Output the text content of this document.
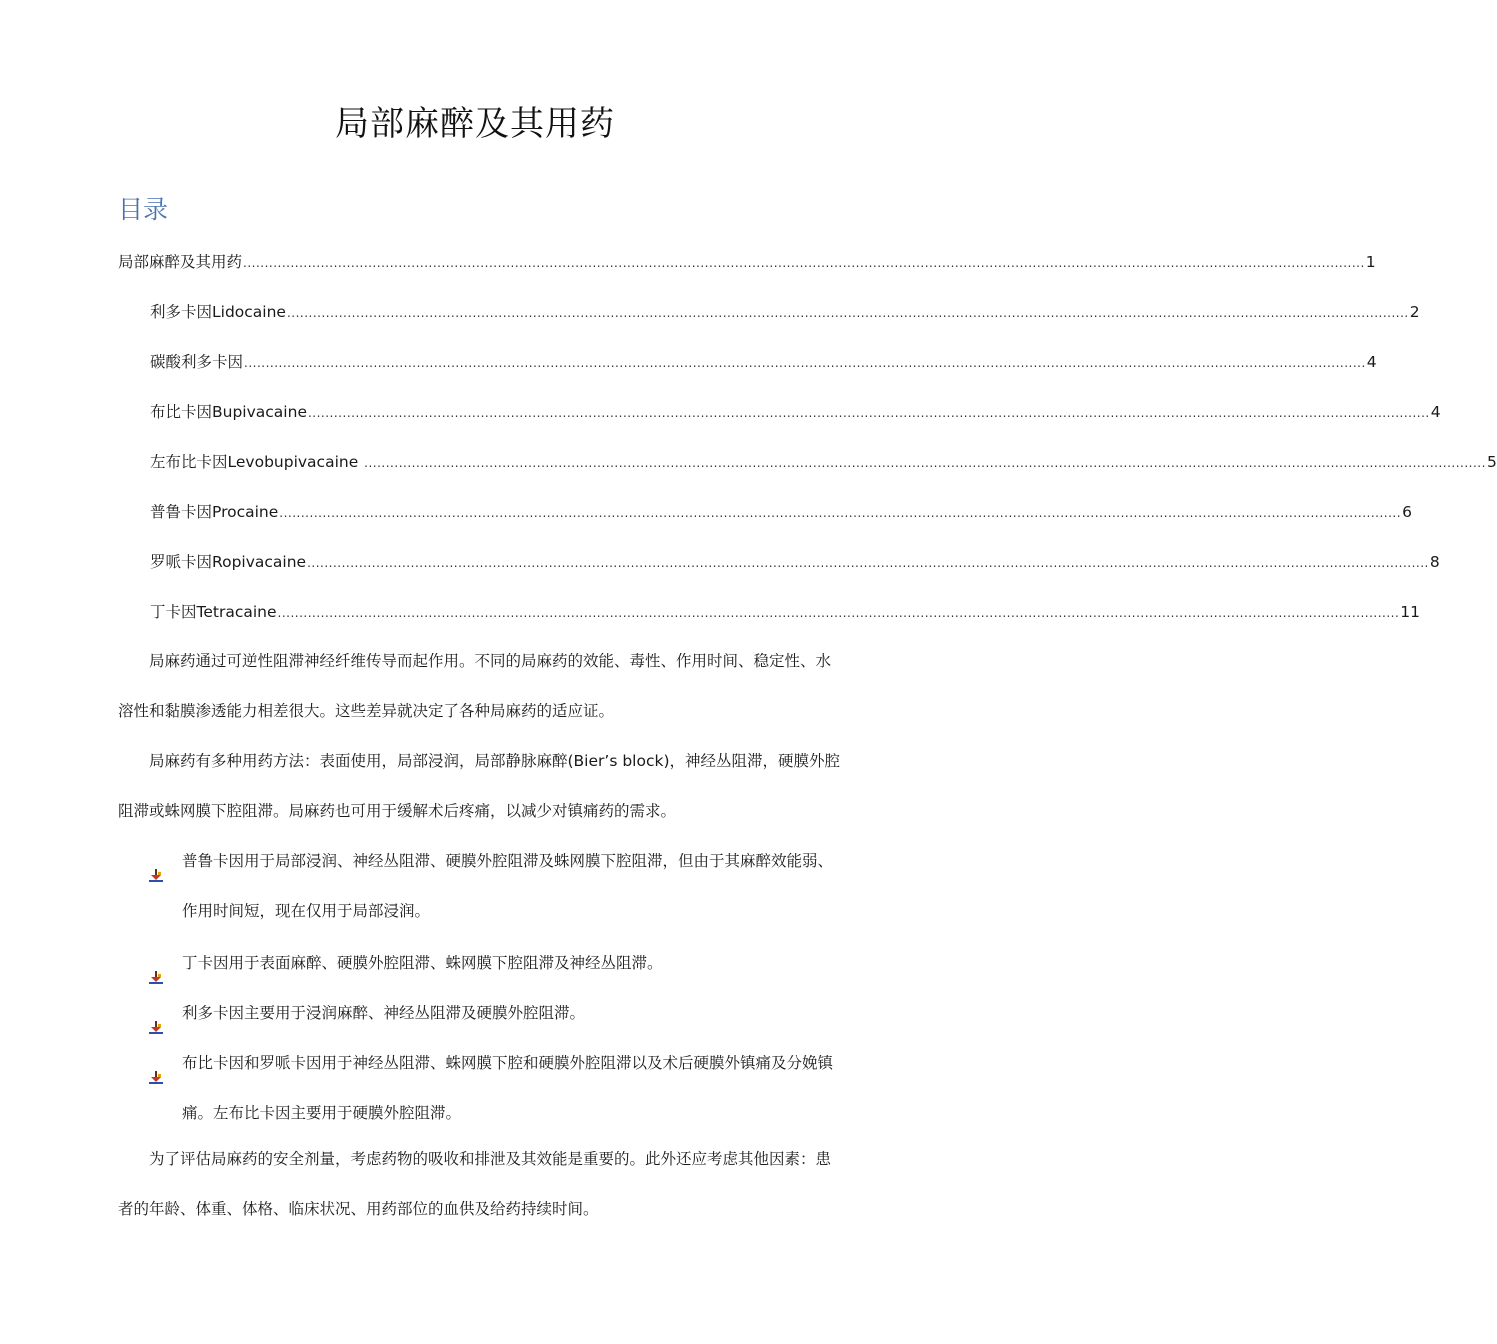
局部麻醉及其用药
目录
局部麻醉及其用药 .................................................................................................................................................................................................................................................................... 1
利多卡因 Lidocaine .................................................................................................................................................................................................................................................................... 2
碳酸利多卡因 .................................................................................................................................................................................................................................................................... 4
布比卡因 Bupivacaine .................................................................................................................................................................................................................................................................... 4
左布比卡因 Levobupivacaine .................................................................................................................................................................................................................................................................... 5
普鲁卡因 Procaine .................................................................................................................................................................................................................................................................... 6
罗哌卡因 Ropivacaine .................................................................................................................................................................................................................................................................... 8
丁卡因 Tetracaine .................................................................................................................................................................................................................................................................... 11
局麻药通过可逆性阻滞神经纤维传导而起作用。不同的局麻药的效能、毒性、作用时间、稳定性、水溶性和黏膜渗透能力相差很大。这些差异就决定了各种局麻药的适应证。
局麻药有多种用药方法：表面使用，局部浸润，局部静脉麻醉(Bier’s block)，神经丛阻滞，硬膜外腔阻滞或蛛网膜下腔阻滞。局麻药也可用于缓解术后疼痛，以减少对镇痛药的需求。
普鲁卡因用于局部浸润、神经丛阻滞、硬膜外腔阻滞及蛛网膜下腔阻滞，但由于其麻醉效能弱、作用时间短，现在仅用于局部浸润。
丁卡因用于表面麻醉、硬膜外腔阻滞、蛛网膜下腔阻滞及神经丛阻滞。
利多卡因主要用于浸润麻醉、神经丛阻滞及硬膜外腔阻滞。
布比卡因和罗哌卡因用于神经丛阻滞、蛛网膜下腔和硬膜外腔阻滞以及术后硬膜外镇痛及分娩镇痛。左布比卡因主要用于硬膜外腔阻滞。
为了评估局麻药的安全剂量，考虑药物的吸收和排泄及其效能是重要的。此外还应考虑其他因素：患者的年龄、体重、体格、临床状况、用药部位的血供及给药持续时间。
